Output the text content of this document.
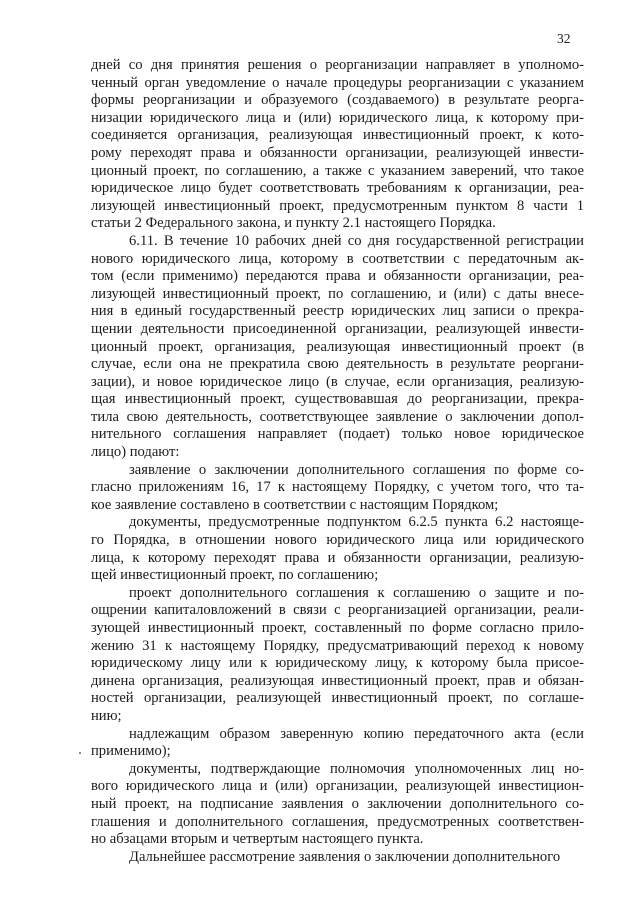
32
дней со дня принятия решения о реорганизации направляет в уполномо-
ченный орган уведомление о начале процедуры реорганизации с указанием
формы реорганизации и образуемого (создаваемого) в результате реорга-
низации юридического лица и (или) юридического лица, к которому при-
соединяется организация, реализующая инвестиционный проект, к кото-
рому переходят права и обязанности организации, реализующей инвести-
ционный проект, по соглашению, а также с указанием заверений, что такое
юридическое лицо будет соответствовать требованиям к организации, реа-
лизующей инвестиционный проект, предусмотренным пунктом 8 части 1
статьи 2 Федерального закона, и пункту 2.1 настоящего Порядка.
6.11. В течение 10 рабочих дней со дня государственной регистрации
нового юридического лица, которому в соответствии с передаточным ак-
том (если применимо) передаются права и обязанности организации, реа-
лизующей инвестиционный проект, по соглашению, и (или) с даты внесе-
ния в единый государственный реестр юридических лиц записи о прекра-
щении деятельности присоединенной организации, реализующей инвести-
ционный проект, организация, реализующая инвестиционный проект (в
случае, если она не прекратила свою деятельность в результате реоргани-
зации), и новое юридическое лицо (в случае, если организация, реализую-
щая инвестиционный проект, существовавшая до реорганизации, прекра-
тила свою деятельность, соответствующее заявление о заключении допол-
нительного соглашения направляет (подает) только новое юридическое
лицо) подают:
заявление о заключении дополнительного соглашения по форме со-
гласно приложениям 16, 17 к настоящему Порядку, с учетом того, что та-
кое заявление составлено в соответствии с настоящим Порядком;
документы, предусмотренные подпунктом 6.2.5 пункта 6.2 настояще-
го Порядка, в отношении нового юридического лица или юридического
лица, к которому переходят права и обязанности организации, реализую-
щей инвестиционный проект, по соглашению;
проект дополнительного соглашения к соглашению о защите и по-
ощрении капиталовложений в связи с реорганизацией организации, реали-
зующей инвестиционный проект, составленный по форме согласно прило-
жению 31 к настоящему Порядку, предусматривающий переход к новому
юридическому лицу или к юридическому лицу, к которому была присое-
динена организация, реализующая инвестиционный проект, прав и обязан-
ностей организации, реализующей инвестиционный проект, по соглаше-
нию;
надлежащим образом заверенную копию передаточного акта (если
применимо);
документы, подтверждающие полномочия уполномоченных лиц но-
вого юридического лица и (или) организации, реализующей инвестицион-
ный проект, на подписание заявления о заключении дополнительного со-
глашения и дополнительного соглашения, предусмотренных соответствен-
но абзацами вторым и четвертым настоящего пункта.
Дальнейшее рассмотрение заявления о заключении дополнительного
